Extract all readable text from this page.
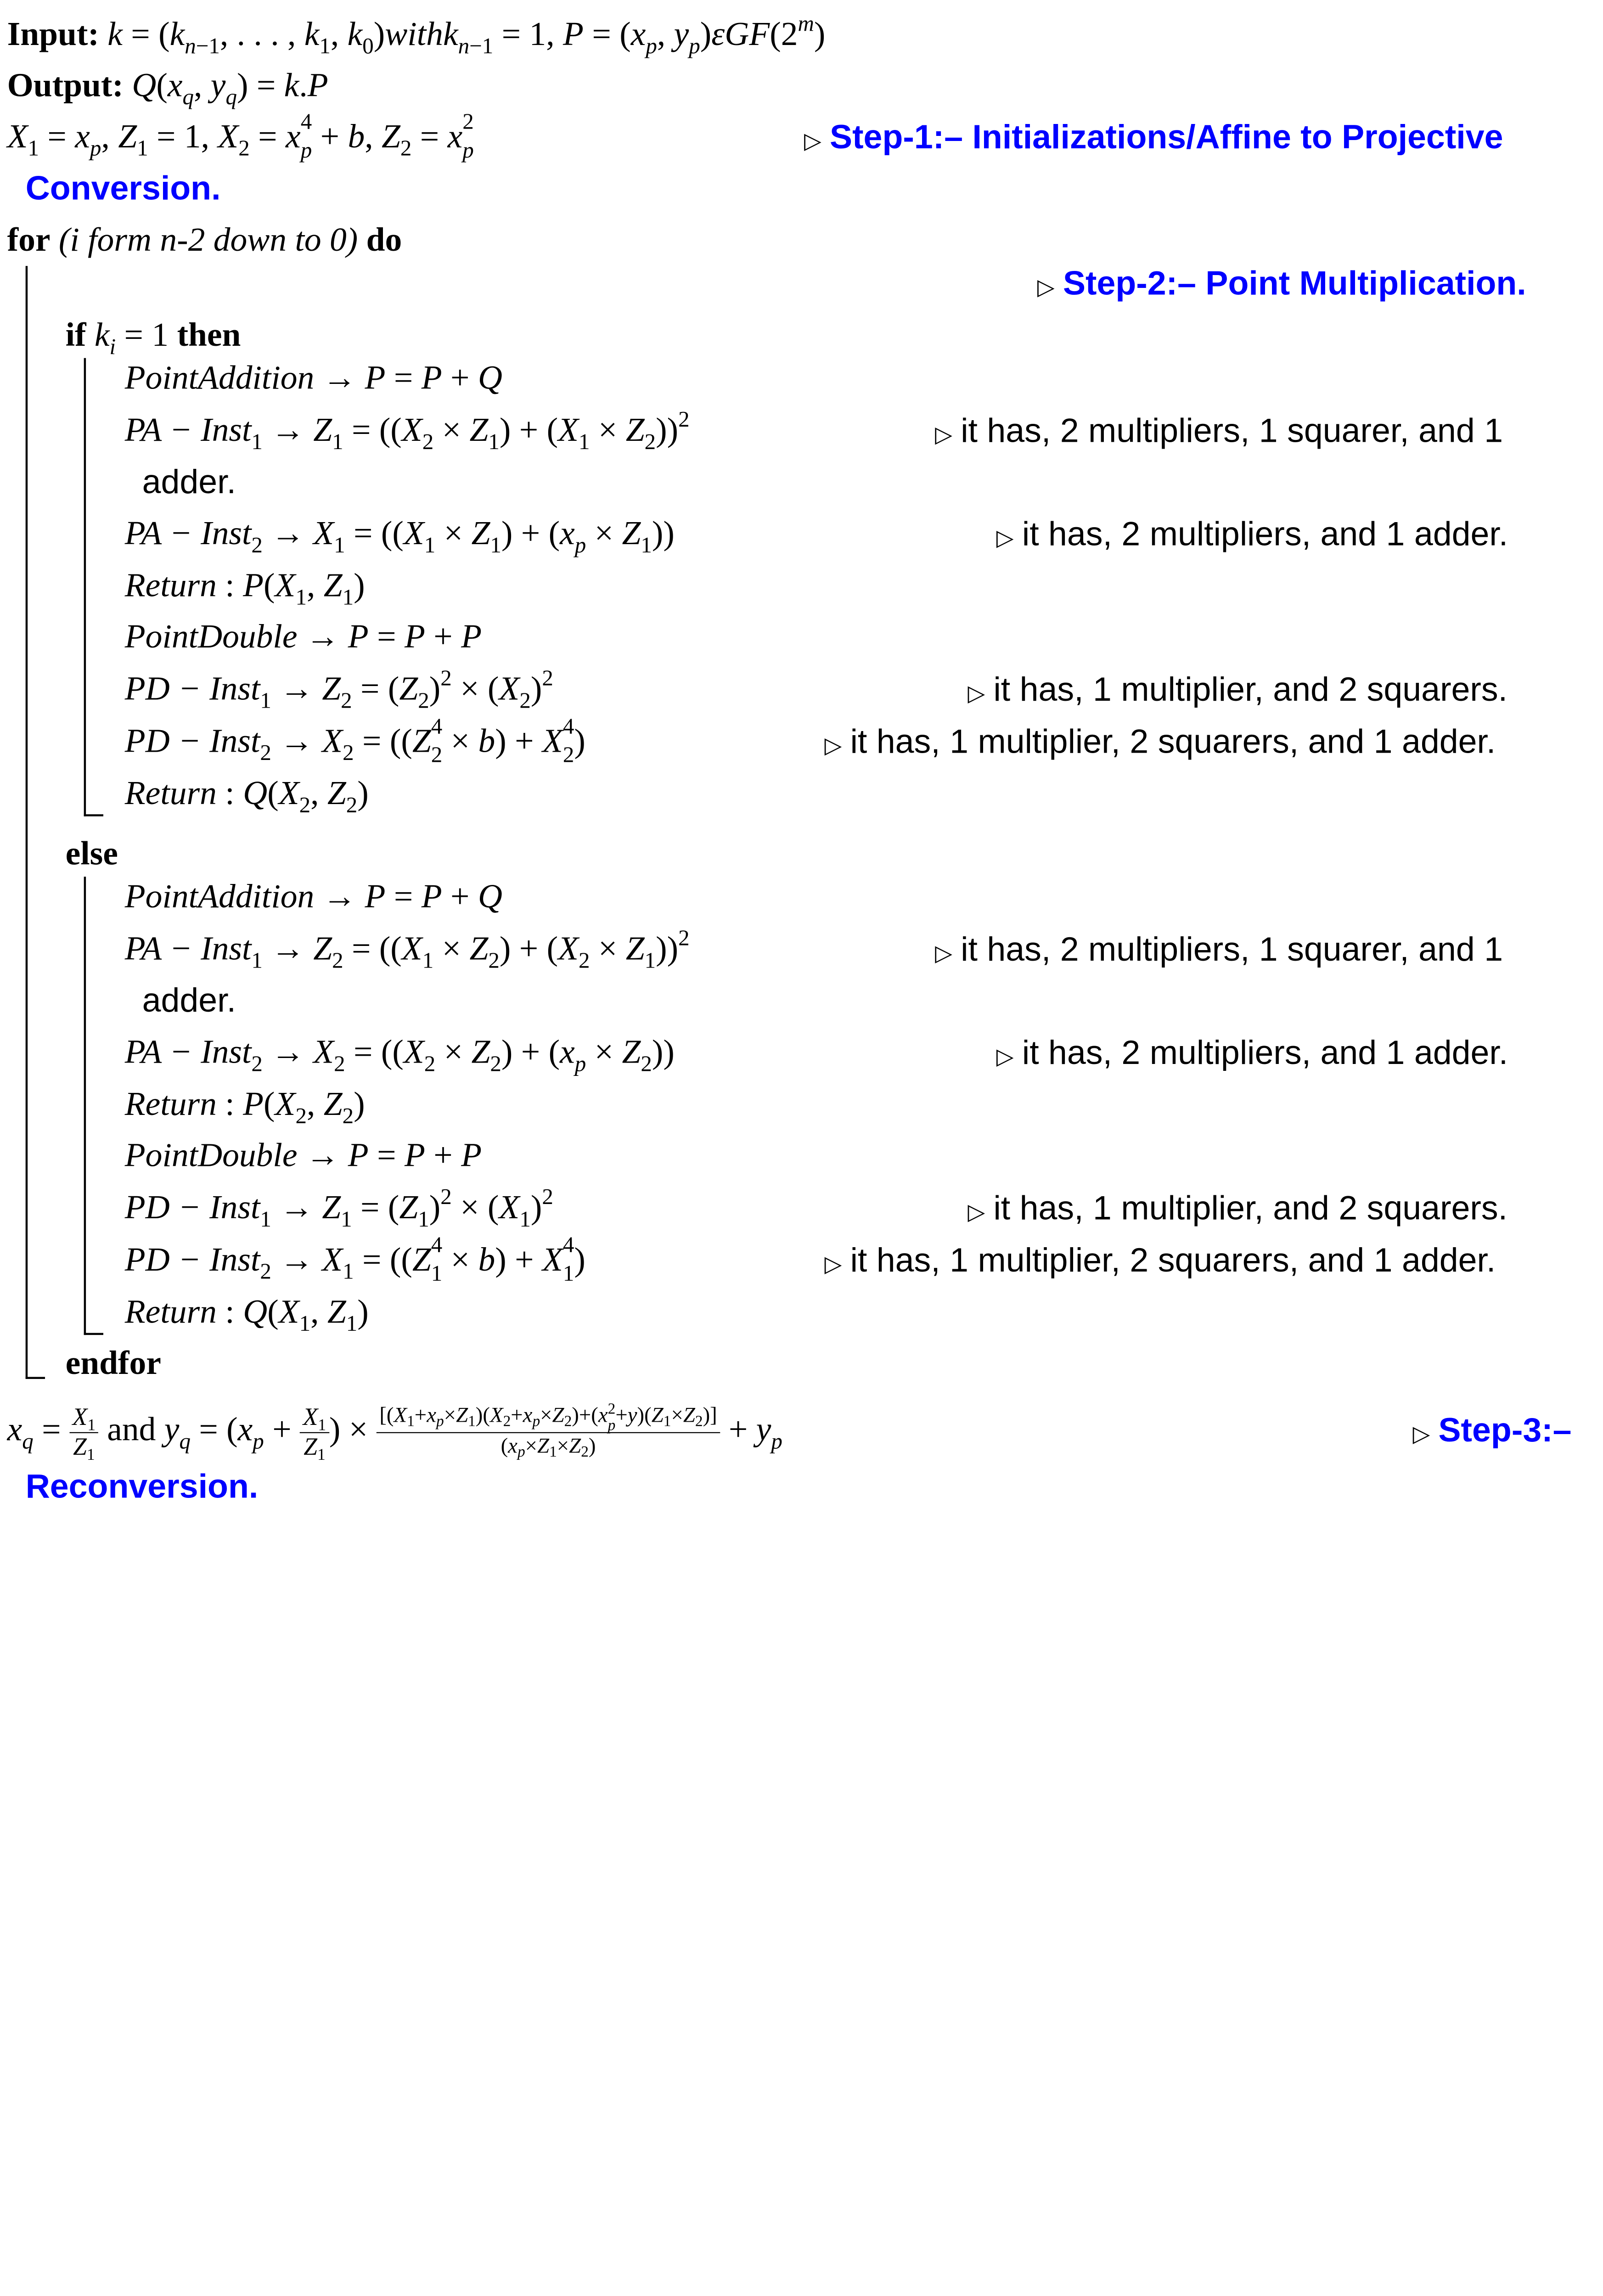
Input: $k = (k_{n-1}$, . . . , $k_1$, $k_0)withk_{n-1} = 1$, $P = (x_p$, $y_p)\varepsilon GF(2^m)$
Output: $Q(x_q$, $y_q) = k.P$
$X_1 = x_p$, $Z_1 = 1$, $X_2 = x$ 4
p + b, $Z_2 = x$ 2
p	▷ Step-1:– Initializations/Affine to Projective
Conversion.
for (i form n-2 down to 0) do
▷ Step-2:– Point Multiplication.
if $k_i = 1$ then
PointAddition → P = P + Q
PA − Inst$_1$ → $Z_1 = ((X_2 \times Z_1) + (X_1 \times Z_2))^2$
▷ it has, 2 multipliers, 1 squarer, and 1
adder.
PA − Inst$_2$ → $X_1 = ((X_1 \times Z_1) + (x_p \times Z_1))$	▷ it has, 2 multipliers, and 1 adder.
Return : $P(X_1$, $Z_1$)
PointDouble → P = P + P
PD − Inst$_1$ → $Z_2 = (Z_2)^2 \times (X_2)^2$
▷ it has, 1 multiplier, and 2 squarers.
PD − Inst$_2$ → $X_2 = ((Z$ 4
2 × b) + X 4
2 )	▷ it has, 1 multiplier, 2 squarers, and 1 adder.
Return : $Q(X_2$, $Z_2$)
else
PointAddition → P = P + Q
PA − Inst$_1$ → $Z_2 = ((X_1 \times Z_2) + (X_2 \times Z_1))^2$
▷ it has, 2 multipliers, 1 squarer, and 1
adder.
PA − Inst$_2$ → $X_2 = ((X_2 \times Z_2) + (x_p \times Z_2))$	▷ it has, 2 multipliers, and 1 adder.
Return : $P(X_2$, $Z_2$)
PointDouble → P = P + P
PD − Inst$_1$ → $Z_1 = (Z_1)^2 \times (X_1)^2$
▷ it has, 1 multiplier, and 2 squarers.
PD − Inst$_2$ → $X_1 = ((Z$ 4
1 × b) + X 4
1 )	▷ it has, 1 multiplier, 2 squarers, and 1 adder.
Return : $Q(X_1$, $Z_1$)
endfor
$x_q = \frac{X_1}{Z_1}$ and $y_q = (x_p + \frac{X_1}{Z_1}$ ) × [(X1+xp×Z1)(X2+xp×Z2)+(x 2
p +y)(Z1×Z2)]
$(xp\times Z1\times Z2) + y_p$	▷ Step-3:–
Reconversion.
